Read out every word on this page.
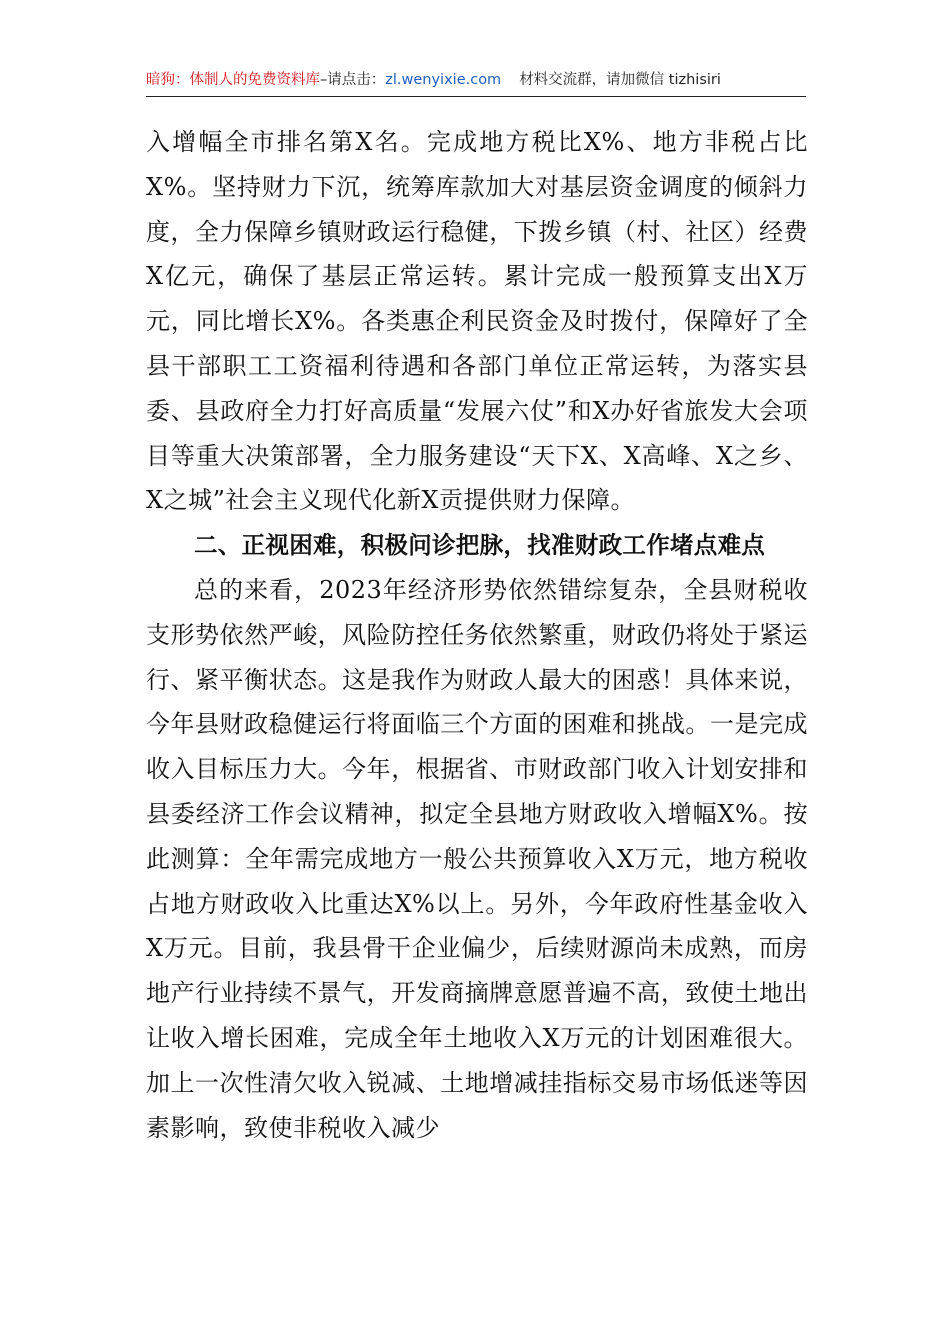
暗狗：体制人的免费资料库–请点击：zl.wenyixie.com 材料交流群，请加微信 tizhisiri

入增幅全市排名第X名。完成地方税比X%、地方非税占比X%。坚持财力下沉，统筹库款加大对基层资金调度的倾斜力度，全力保障乡镇财政运行稳健，下拨乡镇（村、社区）经费X亿元，确保了基层正常运转。累计完成一般预算支出X万元，同比增长X%。各类惠企利民资金及时拨付，保障好了全县干部职工工资福利待遇和各部门单位正常运转，为落实县委、县政府全力打好高质量“发展六仗”和X办好省旅发大会项目等重大决策部署，全力服务建设“天下X、X高峰、X之乡、X之城”社会主义现代化新X贡提供财力保障。

二、正视困难，积极问诊把脉，找准财政工作堵点难点

总的来看，2023年经济形势依然错综复杂，全县财税收支形势依然严峻，风险防控任务依然繁重，财政仍将处于紧运行、紧平衡状态。这是我作为财政人最大的困惑！具体来说，今年县财政稳健运行将面临三个方面的困难和挑战。一是完成收入目标压力大。今年，根据省、市财政部门收入计划安排和县委经济工作会议精神，拟定全县地方财政收入增幅X%。按此测算：全年需完成地方一般公共预算收入X万元，地方税收占地方财政收入比重达X%以上。另外，今年政府性基金收入X万元。目前，我县骨干企业偏少，后续财源尚未成熟，而房地产行业持续不景气，开发商摘牌意愿普遍不高，致使土地出让收入增长困难，完成全年土地收入X万元的计划困难很大。加上一次性清欠收入锐减、土地增减挂指标交易市场低迷等因素影响，致使非税收入减少
